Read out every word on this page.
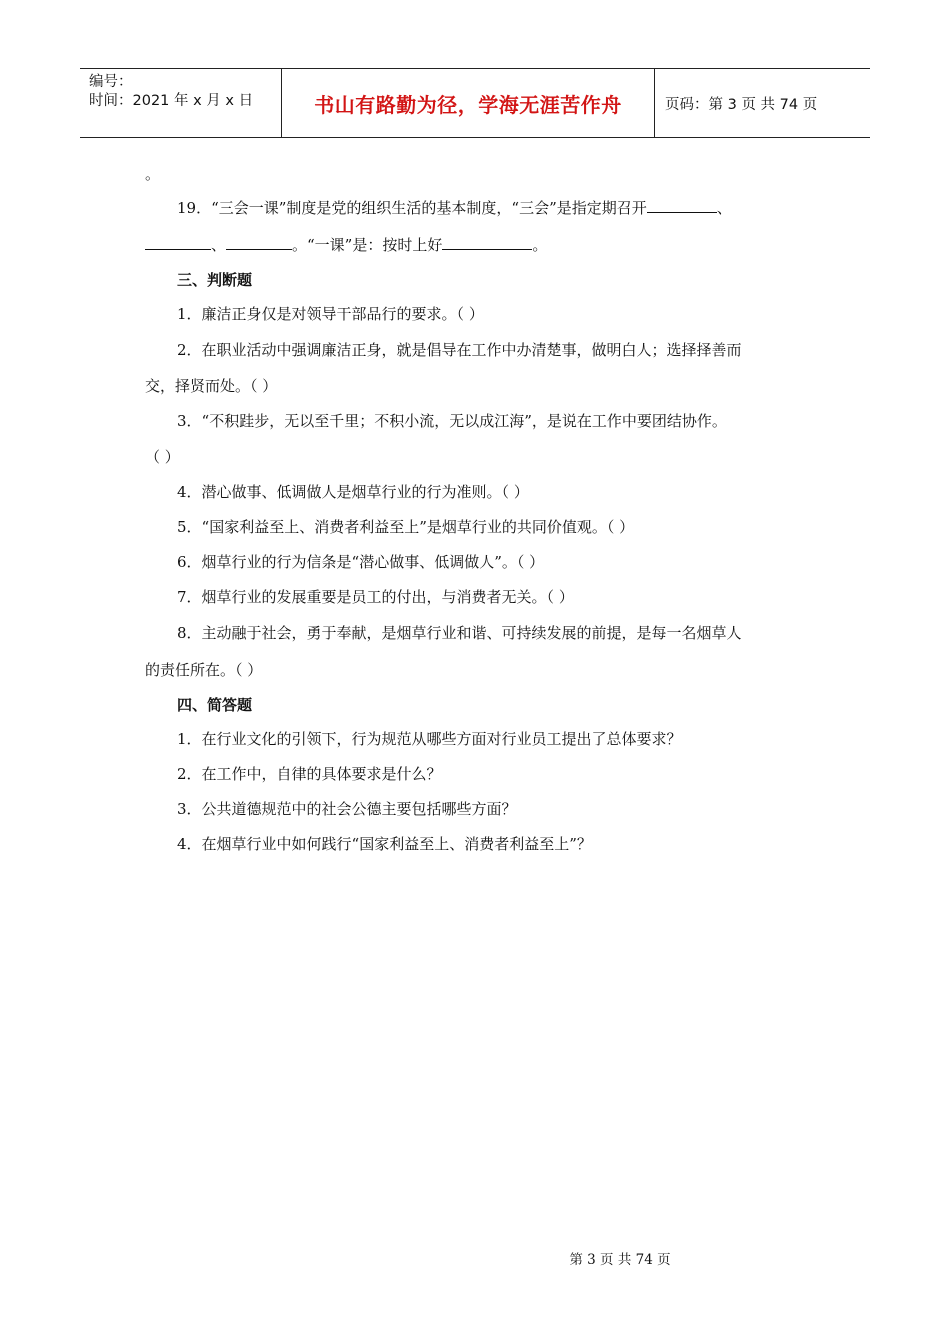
编号：
时间：2021 年 x 月 x 日	书山有路勤为径，学海无涯苦作舟	页码：第 3 页 共 74 页
。
19．“三会一课”制度是党的组织生活的基本制度，“三会”是指定期召开	、
、	。“一课”是：按时上好	。
三、判断题
1．廉洁正身仅是对领导干部品行的要求。（ ）
2．在职业活动中强调廉洁正身，就是倡导在工作中办清楚事，做明白人；选择择善而
交，择贤而处。（ ）
3．“不积跬步，无以至千里；不积小流，无以成江海”，是说在工作中要团结协作。
（ ）
4．潜心做事、低调做人是烟草行业的行为准则。（ ）
5．“国家利益至上、消费者利益至上”是烟草行业的共同价值观。（ ）
6．烟草行业的行为信条是“潜心做事、低调做人”。（ ）
7．烟草行业的发展重要是员工的付出，与消费者无关。（ ）
8．主动融于社会，勇于奉献，是烟草行业和谐、可持续发展的前提，是每一名烟草人
的责任所在。（ ）
四、简答题
1．在行业文化的引领下，行为规范从哪些方面对行业员工提出了总体要求？
2．在工作中，自律的具体要求是什么？
3．公共道德规范中的社会公德主要包括哪些方面？
4．在烟草行业中如何践行“国家利益至上、消费者利益至上”？
第 3 页 共 74 页
